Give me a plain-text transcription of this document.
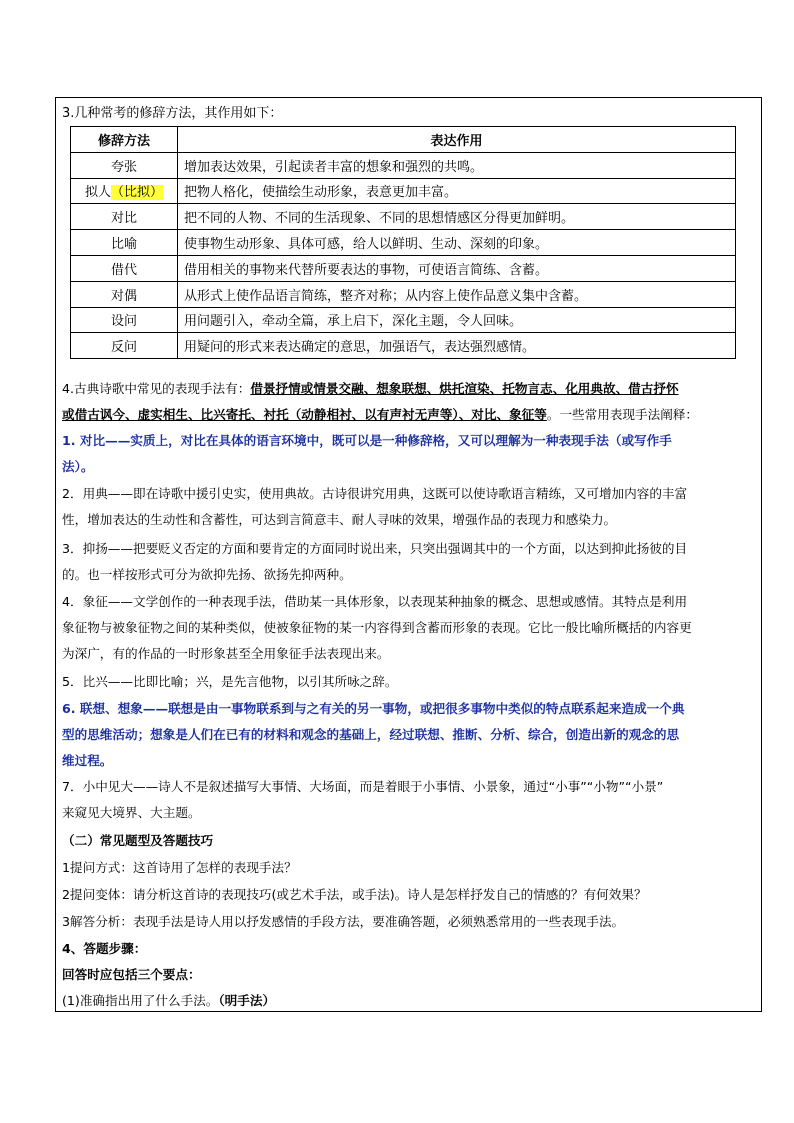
3.几种常考的修辞方法，其作用如下：
修辞方法	表达作用
夸张	增加表达效果，引起读者丰富的想象和强烈的共鸣。
拟人（比拟）	把物人格化，使描绘生动形象，表意更加丰富。
对比	把不同的人物、不同的生活现象、不同的思想情感区分得更加鲜明。
比喻	使事物生动形象、具体可感，给人以鲜明、生动、深刻的印象。
借代	借用相关的事物来代替所要表达的事物，可使语言简练、含蓄。
对偶	从形式上使作品语言简练，整齐对称；从内容上使作品意义集中含蓄。
设问	用问题引入，牵动全篇，承上启下，深化主题，令人回味。
反问	用疑问的形式来表达确定的意思，加强语气，表达强烈感情。
4.古典诗歌中常见的表现手法有：借景抒情或情景交融、想象联想、烘托渲染、托物言志、化用典故、借古抒怀
或借古讽今、虚实相生、比兴寄托、衬托（动静相衬、以有声衬无声等）、对比、象征等。一些常用表现手法阐释：
1. 对比——实质上，对比在具体的语言环境中，既可以是一种修辞格，又可以理解为一种表现手法（或写作手
法）。
2．用典——即在诗歌中援引史实，使用典故。古诗很讲究用典，这既可以使诗歌语言精练，又可增加内容的丰富
性，增加表达的生动性和含蓄性，可达到言简意丰、耐人寻味的效果，增强作品的表现力和感染力。
3．抑扬——把要贬义否定的方面和要肯定的方面同时说出来，只突出强调其中的一个方面，以达到抑此扬彼的目
的。也一样按形式可分为欲抑先扬、欲扬先抑两种。
4．象征——文学创作的一种表现手法，借助某一具体形象，以表现某种抽象的概念、思想或感情。其特点是利用
象征物与被象征物之间的某种类似，使被象征物的某一内容得到含蓄而形象的表现。它比一般比喻所概括的内容更
为深广，有的作品的一时形象甚至全用象征手法表现出来。
5．比兴——比即比喻；兴，是先言他物，以引其所咏之辞。
6. 联想、想象——联想是由一事物联系到与之有关的另一事物，或把很多事物中类似的特点联系起来造成一个典
型的思维活动；想象是人们在已有的材料和观念的基础上，经过联想、推断、分析、综合，创造出新的观念的思
维过程。
7．小中见大——诗人不是叙述描写大事情、大场面，而是着眼于小事情、小景象，通过“小事”“小物”“小景”
来窥见大境界、大主题。
（二）常见题型及答题技巧
1提问方式：这首诗用了怎样的表现手法？
2提问变体：请分析这首诗的表现技巧(或艺术手法，或手法)。诗人是怎样抒发自己的情感的？有何效果？
3解答分析：表现手法是诗人用以抒发感情的手段方法，要准确答题，必须熟悉常用的一些表现手法。
4、答题步骤：
回答时应包括三个要点：
(1)准确指出用了什么手法。（明手法）
